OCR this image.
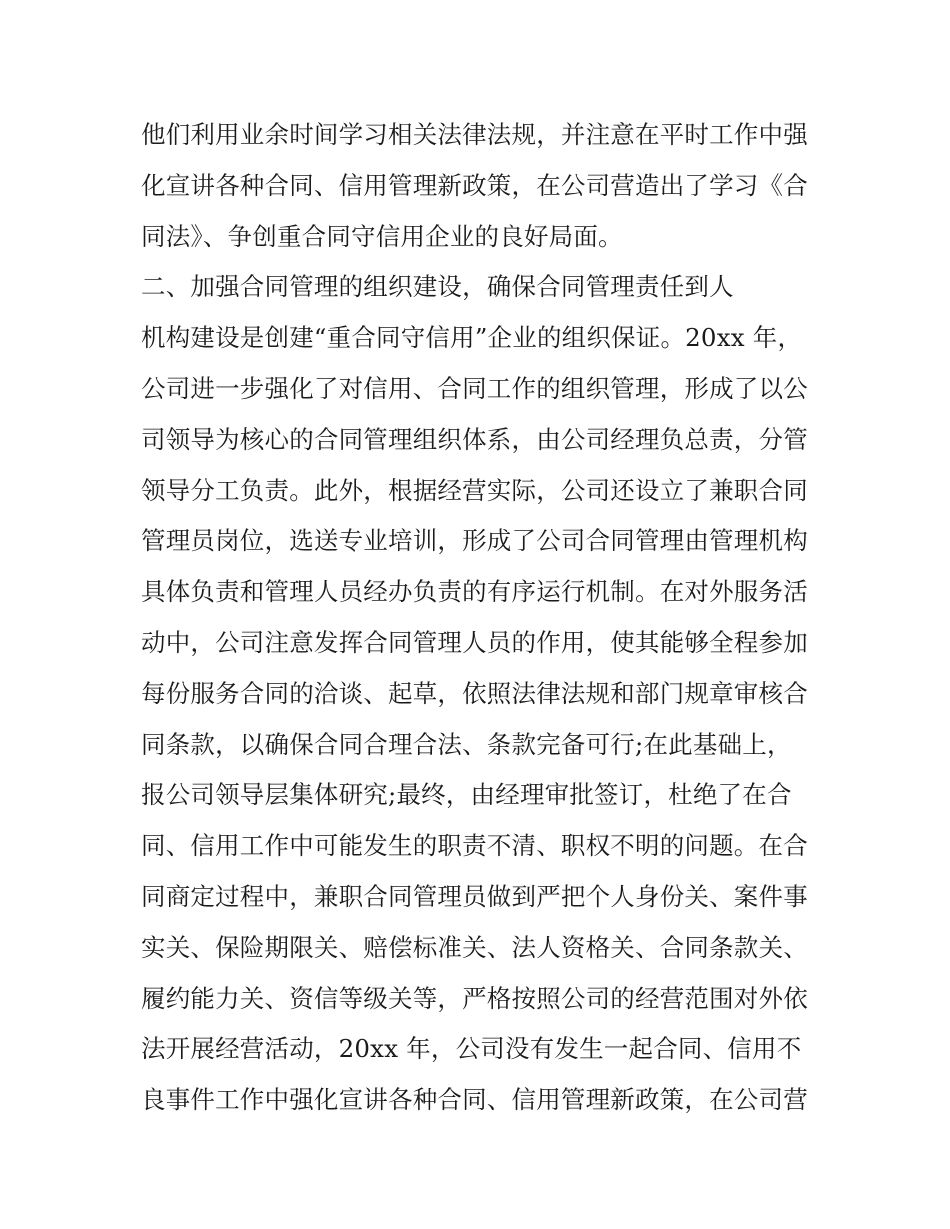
他们利用业余时间学习相关法律法规，并注意在平时工作中强
化宣讲各种合同、信用管理新政策，在公司营造出了学习《合
同法》、争创重合同守信用企业的良好局面。
二、加强合同管理的组织建设，确保合同管理责任到人
机构建设是创建“重合同守信用”企业的组织保证。20xx 年，
公司进一步强化了对信用、合同工作的组织管理，形成了以公
司领导为核心的合同管理组织体系，由公司经理负总责，分管
领导分工负责。此外，根据经营实际，公司还设立了兼职合同
管理员岗位，选送专业培训，形成了公司合同管理由管理机构
具体负责和管理人员经办负责的有序运行机制。在对外服务活
动中，公司注意发挥合同管理人员的作用，使其能够全程参加
每份服务合同的洽谈、起草，依照法律法规和部门规章审核合
同条款，以确保合同合理合法、条款完备可行;在此基础上，
报公司领导层集体研究;最终，由经理审批签订，杜绝了在合
同、信用工作中可能发生的职责不清、职权不明的问题。在合
同商定过程中，兼职合同管理员做到严把个人身份关、案件事
实关、保险期限关、赔偿标准关、法人资格关、合同条款关、
履约能力关、资信等级关等，严格按照公司的经营范围对外依
法开展经营活动，20xx 年，公司没有发生一起合同、信用不
良事件工作中强化宣讲各种合同、信用管理新政策，在公司营
